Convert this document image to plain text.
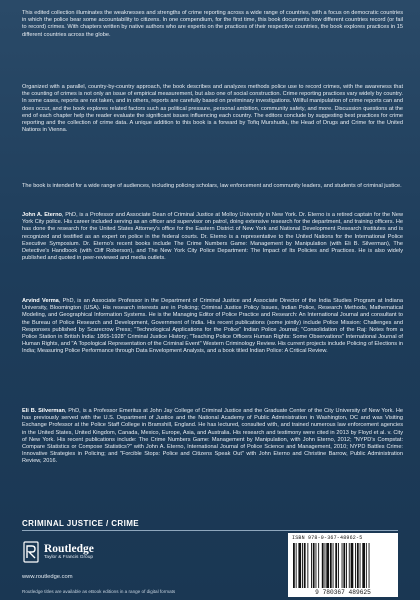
This edited collection illuminates the weaknesses and strengths of crime reporting across a wide range of countries, with a focus on democratic countries in which the police bear some accountability to citizens. In one compendium, for the first time, this book documents how different countries record (or fail to record) crimes. With chapters written by native authors who are experts on the practices of their respective countries, the book explores practices in 15 different countries across the globe.

Organized with a parallel, country-by-country approach, the book describes and analyzes methods police use to record crimes, with the awareness that the counting of crimes is not only an issue of empirical measurement, but also one of social construction. Crime reporting practices vary widely by country. In some cases, reports are not taken, and in others, reports are carefully based on preliminary investigations. Willful manipulation of crime reports can and does occur, and the book explores related factors such as political pressure, personal ambition, community safety, and more. Discussion questions at the end of each chapter help the reader evaluate the significant issues influencing each country. The editors conclude by suggesting best practices for crime reporting and the collection of crime data. A unique addition to this book is a forward by Tofiq Murshudlu, the Head of Drugs and Crime for the United Nations in Vienna.

The book is intended for a wide range of audiences, including policing scholars, law enforcement and community leaders, and students of criminal justice.

John A. Eterno, PhD, is a Professor and Associate Dean of Criminal Justice at Molloy University in New York. Dr. Eterno is a retired captain for the New York City police. His career included serving as an officer and supervisor on patrol, doing extensive research for the department, and training officers. He has done the research for the United States Attorney's office for the Eastern District of New York and National Development Research Institutes and is recognized and testified as an expert on police in the federal courts. Dr. Eterno is a representative to the United Nations for the International Police Executive Symposium. Dr. Eterno's recent books include The Crime Numbers Game: Management by Manipulation (with Eli B. Silverman), The Detective's Handbook (with Cliff Roberson), and The New York City Police Department: The Impact of Its Policies and Practices. He is also widely published and quoted in peer-reviewed and media outlets.

Arvind Verma, PhD, is an Associate Professor in the Department of Criminal Justice and Associate Director of the India Studies Program at Indiana University, Bloomington (USA). His research interests are in Policing; Criminal Justice Policy Issues, Indian Police, Research Methods, Mathematical Modeling, and Geographical Information Systems. He is the Managing Editor of Police Practice and Research: An International Journal and consultant to the Bureau of Police Research and Development, Government of India. His recent publications (some jointly) include Police Mission: Challenges and Responses published by Scarecrow Press; "Technological Applications for the Police" Indian Police Journal; "Consolidation of the Raj: Notes from a Police Station in British India: 1865-1928" Criminal Justice History; "Teaching Police Officers Human Rights: Some Observations" International Journal of Human Rights, and "A Topological Representation of the Criminal Event" Western Criminology Review. His current projects include Policing of Elections in India; Measuring Police Performance through Data Envelopment Analysis, and a book titled Indian Police: A Critical Review.

Eli B. Silverman, PhD, is a Professor Emeritus at John Jay College of Criminal Justice and the Graduate Center of the City University of New York. He has previously served with the U.S. Department of Justice and the National Academy of Public Administration in Washington, DC and was Visiting Exchange Professor at the Police Staff College in Bramshill, England. He has lectured, consulted with, and trained numerous law enforcement agencies in the United States, United Kingdom, Canada, Mexico, Europe, Asia, and Australia. His research and testimony were cited in 2013 by Floyd et al. v. City of New York. His recent publications include: The Crime Numbers Game: Management by Manipulation, with John Eterno, 2012; "NYPD's Compstat: Compare Statistics or Compose Statistics?" with John A. Eterno, International Journal of Police Science and Management, 2010; NYPD Battles Crime: Innovative Strategies in Policing; and "Forcible Stops: Police and Citizens Speak Out" with John Eterno and Christine Barrow, Public Administration Review, 2016.

CRIMINAL JUSTICE / CRIME
Routledge
Taylor & Francis Group
www.routledge.com
Routledge titles are available as eBook editions in a range of digital formats
ISBN 978-0-367-48962-5
9 780367 489625
